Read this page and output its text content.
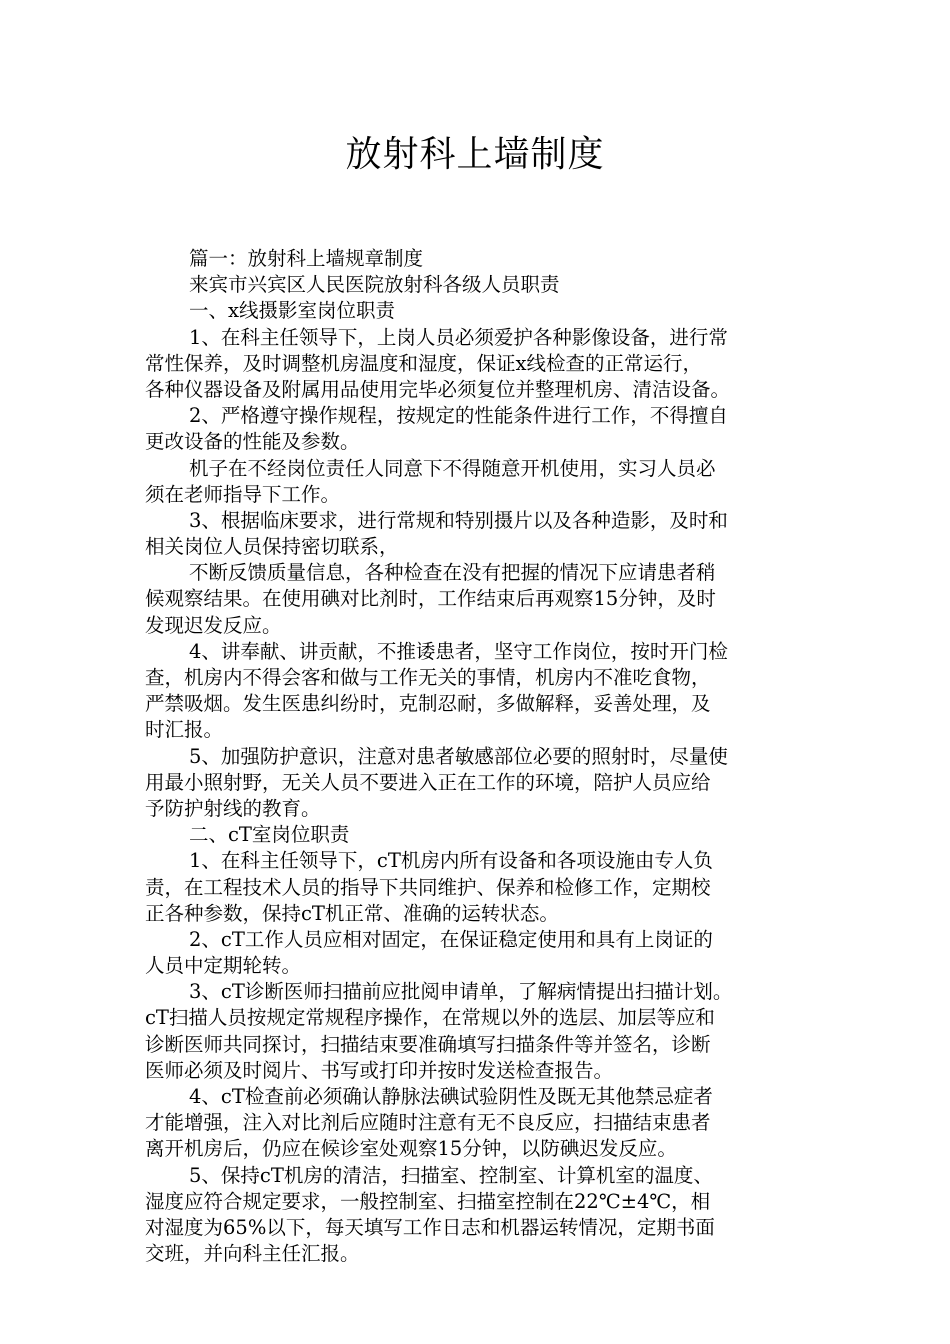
放射科上墙制度
篇一：放射科上墙规章制度
来宾市兴宾区人民医院放射科各级人员职责
一、x线摄影室岗位职责
1、在科主任领导下，上岗人员必须爱护各种影像设备，进行常
常性保养，及时调整机房温度和湿度，保证x线检查的正常运行，
各种仪器设备及附属用品使用完毕必须复位并整理机房、清洁设备。
2、严格遵守操作规程，按规定的性能条件进行工作，不得擅自
更改设备的性能及参数。
机子在不经岗位责任人同意下不得随意开机使用，实习人员必
须在老师指导下工作。
3、根据临床要求，进行常规和特别摄片以及各种造影，及时和
相关岗位人员保持密切联系，
不断反馈质量信息，各种检查在没有把握的情况下应请患者稍
候观察结果。在使用碘对比剂时，工作结束后再观察15分钟，及时
发现迟发反应。
4、讲奉献、讲贡献，不推诿患者，坚守工作岗位，按时开门检
查，机房内不得会客和做与工作无关的事情，机房内不准吃食物，
严禁吸烟。发生医患纠纷时，克制忍耐，多做解释，妥善处理，及
时汇报。
5、加强防护意识，注意对患者敏感部位必要的照射时，尽量使
用最小照射野，无关人员不要进入正在工作的环境，陪护人员应给
予防护射线的教育。
二、cT室岗位职责
1、在科主任领导下，cT机房内所有设备和各项设施由专人负
责，在工程技术人员的指导下共同维护、保养和检修工作，定期校
正各种参数，保持cT机正常、准确的运转状态。
2、cT工作人员应相对固定，在保证稳定使用和具有上岗证的
人员中定期轮转。
3、cT诊断医师扫描前应批阅申请单，了解病情提出扫描计划。
cT扫描人员按规定常规程序操作，在常规以外的选层、加层等应和
诊断医师共同探讨，扫描结束要准确填写扫描条件等并签名，诊断
医师必须及时阅片、书写或打印并按时发送检查报告。
4、cT检查前必须确认静脉法碘试验阴性及既无其他禁忌症者
才能增强，注入对比剂后应随时注意有无不良反应，扫描结束患者
离开机房后，仍应在候诊室处观察15分钟，以防碘迟发反应。
5、保持cT机房的清洁，扫描室、控制室、计算机室的温度、
湿度应符合规定要求，一般控制室、扫描室控制在22℃±4℃，相
对湿度为65%以下，每天填写工作日志和机器运转情况，定期书面
交班，并向科主任汇报。
